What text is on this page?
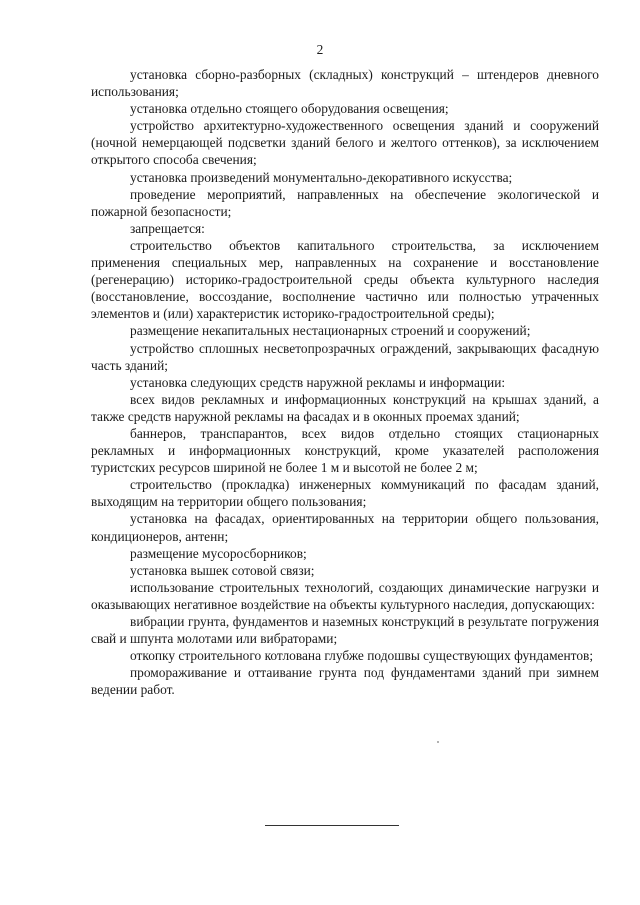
2

установка сборно-разборных (складных) конструкций – штендеров дневного использования;

установка отдельно стоящего оборудования освещения;

устройство архитектурно-художественного освещения зданий и сооружений (ночной немерцающей подсветки зданий белого и желтого оттенков), за исключением открытого способа свечения;

установка произведений монументально-декоративного искусства;

проведение мероприятий, направленных на обеспечение экологической и пожарной безопасности;

запрещается:

строительство объектов капитального строительства, за исключением применения специальных мер, направленных на сохранение и восстановление (регенерацию) историко-градостроительной среды объекта культурного наследия (восстановление, воссоздание, восполнение частично или полностью утраченных элементов и (или) характеристик историко-градостроительной среды);

размещение некапитальных нестационарных строений и сооружений;

устройство сплошных несветопрозрачных ограждений, закрывающих фасадную часть зданий;

установка следующих средств наружной рекламы и информации:

всех видов рекламных и информационных конструкций на крышах зданий, а также средств наружной рекламы на фасадах и в оконных проемах зданий;

баннеров, транспарантов, всех видов отдельно стоящих стационарных рекламных и информационных конструкций, кроме указателей расположения туристских ресурсов шириной не более 1 м и высотой не более 2 м;

строительство (прокладка) инженерных коммуникаций по фасадам зданий, выходящим на территории общего пользования;

установка на фасадах, ориентированных на территории общего пользования, кондиционеров, антенн;

размещение мусоросборников;

установка вышек сотовой связи;

использование строительных технологий, создающих динамические нагрузки и оказывающих негативное воздействие на объекты культурного наследия, допускающих:

вибрации грунта, фундаментов и наземных конструкций в результате погружения свай и шпунта молотами или вибраторами;

откопку строительного котлована глубже подошвы существующих фундаментов;

промораживание и оттаивание грунта под фундаментами зданий при зимнем ведении работ.
